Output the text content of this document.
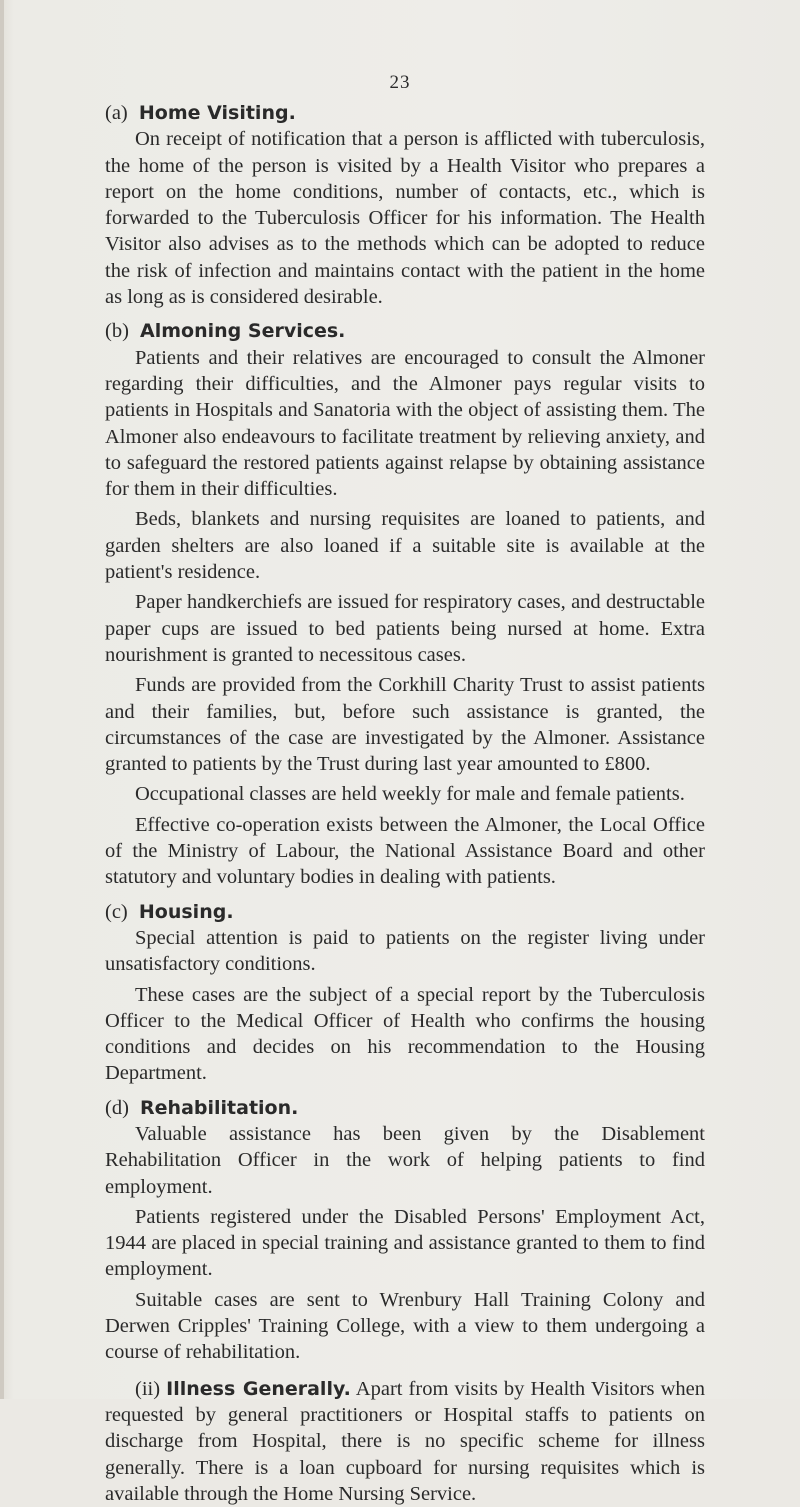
23
(a) Home Visiting.

On receipt of notification that a person is afflicted with tuberculosis, the home of the person is visited by a Health Visitor who prepares a report on the home conditions, number of contacts, etc., which is forwarded to the Tuberculosis Officer for his information. The Health Visitor also advises as to the methods which can be adopted to reduce the risk of infection and maintains contact with the patient in the home as long as is considered desirable.

(b) Almoning Services.

Patients and their relatives are encouraged to consult the Almoner regarding their difficulties, and the Almoner pays regular visits to patients in Hospitals and Sanatoria with the object of assisting them. The Almoner also endeavours to facilitate treatment by relieving anxiety, and to safeguard the restored patients against relapse by obtaining assistance for them in their difficulties.

Beds, blankets and nursing requisites are loaned to patients, and garden shelters are also loaned if a suitable site is available at the patient's residence.

Paper handkerchiefs are issued for respiratory cases, and destructable paper cups are issued to bed patients being nursed at home. Extra nourishment is granted to necessitous cases.

Funds are provided from the Corkhill Charity Trust to assist patients and their families, but, before such assistance is granted, the circumstances of the case are investigated by the Almoner. Assistance granted to patients by the Trust during last year amounted to £800.

Occupational classes are held weekly for male and female patients.

Effective co-operation exists between the Almoner, the Local Office of the Ministry of Labour, the National Assistance Board and other statutory and voluntary bodies in dealing with patients.

(c) Housing.

Special attention is paid to patients on the register living under unsatisfactory conditions.

These cases are the subject of a special report by the Tuberculosis Officer to the Medical Officer of Health who confirms the housing conditions and decides on his recommendation to the Housing Department.

(d) Rehabilitation.

Valuable assistance has been given by the Disablement Rehabilitation Officer in the work of helping patients to find employment.

Patients registered under the Disabled Persons' Employment Act, 1944 are placed in special training and assistance granted to them to find employment.

Suitable cases are sent to Wrenbury Hall Training Colony and Derwen Cripples' Training College, with a view to them undergoing a course of rehabilitation.

(ii) Illness Generally. Apart from visits by Health Visitors when requested by general practitioners or Hospital staffs to patients on discharge from Hospital, there is no specific scheme for illness generally. There is a loan cupboard for nursing requisites which is available through the Home Nursing Service.
